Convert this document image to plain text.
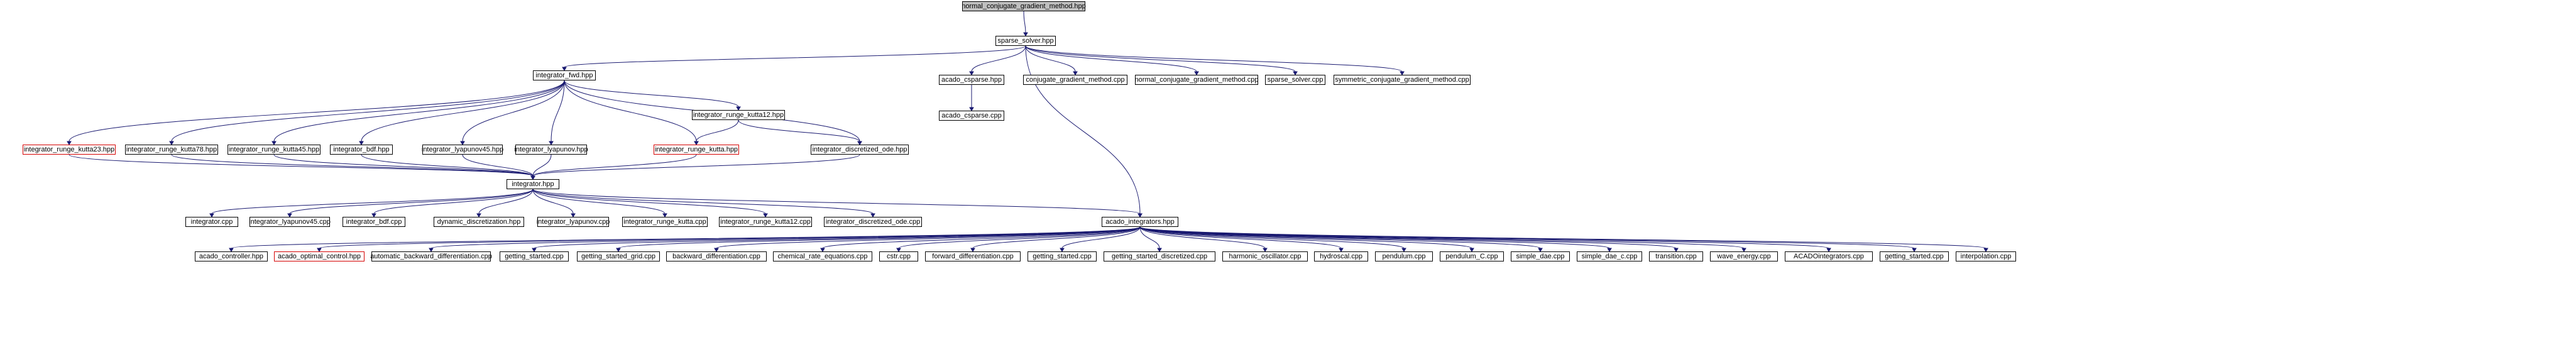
normal_conjugate_gradient_method.hpp
sparse_solver.hpp
integrator_fwd.hpp
acado_csparse.hpp	conjugate_gradient_method.cpp	normal_conjugate_gradient_method.cpp	sparse_solver.cpp	symmetric_conjugate_gradient_method.cpp
acado_csparse.cpp
integrator_runge_kutta12.hpp
integrator_runge_kutta23.hpp integrator_runge_kutta78.hpp integrator_runge_kutta45.hpp	integrator_bdf.hpp	integrator_lyapunov45.hpp integrator_lyapunov.hpp	integrator_runge_kutta.hpp	integrator_discretized_ode.hpp
integrator.hpp
integrator.cpp	integrator_lyapunov45.cpp	integrator_bdf.cpp	dynamic_discretization.hpp	integrator_lyapunov.cpp integrator_runge_kutta.cpp integrator_runge_kutta12.cpp integrator_discretized_ode.cpp	acado_integrators.hpp
acado_controller.hpp	acado_optimal_control.hpp	automatic_backward_differentiation.cpp	getting_started.cpp	getting_started_grid.cpp	backward_differentiation.cpp	chemical_rate_equations.cpp	cstr.cpp	forward_differentiation.cpp	getting_started.cpp	getting_started_discretized.cpp	harmonic_oscillator.cpp	hydroscal.cpp	pendulum.cpp	pendulum_C.cpp	simple_dae.cpp	simple_dae_c.cpp	transition.cpp	wave_energy.cpp	ACADOintegrators.cpp	getting_started.cpp	interpolation.cpp
